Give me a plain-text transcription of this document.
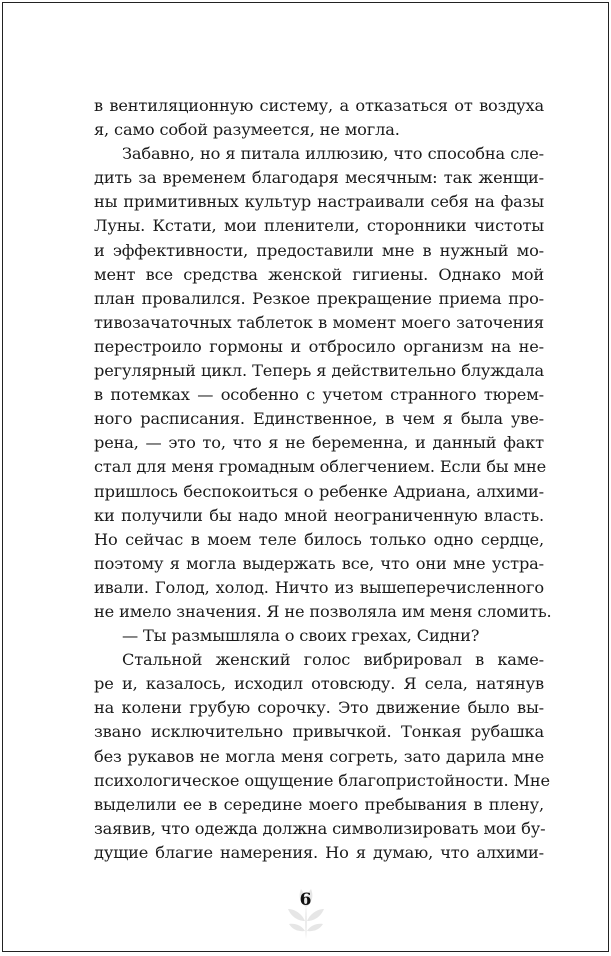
в вентиляционную систему, а отказаться от воздуха
я, само собой разумеется, не могла.
Забавно, но я питала иллюзию, что способна сле-
дить за временем благодаря месячным: так женщи-
ны примитивных культур настраивали себя на фазы
Луны. Кстати, мои пленители, сторонники чистоты
и эффективности, предоставили мне в нужный мо-
мент все средства женской гигиены. Однако мой
план провалился. Резкое прекращение приема про-
тивозачаточных таблеток в момент моего заточения
перестроило гормоны и отбросило организм на не-
регулярный цикл. Теперь я действительно блуждала
в потемках — особенно с учетом странного тюрем-
ного расписания. Единственное, в чем я была уве-
рена, — это то, что я не беременна, и данный факт
стал для меня громадным облегчением. Если бы мне
пришлось беспокоиться о ребенке Адриана, алхими-
ки получили бы надо мной неограниченную власть.
Но сейчас в моем теле билось только одно сердце,
поэтому я могла выдержать все, что они мне устра-
ивали. Голод, холод. Ничто из вышеперечисленного
не имело значения. Я не позволяла им меня сломить.
— Ты размышляла о своих грехах, Сидни?
Стальной женский голос вибрировал в каме-
ре и, казалось, исходил отовсюду. Я села, натянув
на колени грубую сорочку. Это движение было вы-
звано исключительно привычкой. Тонкая рубашка
без рукавов не могла меня согреть, зато дарила мне
психологическое ощущение благопристойности. Мне
выделили ее в середине моего пребывания в плену,
заявив, что одежда должна символизировать мои бу-
дущие благие намерения. Но я думаю, что алхими-
6
